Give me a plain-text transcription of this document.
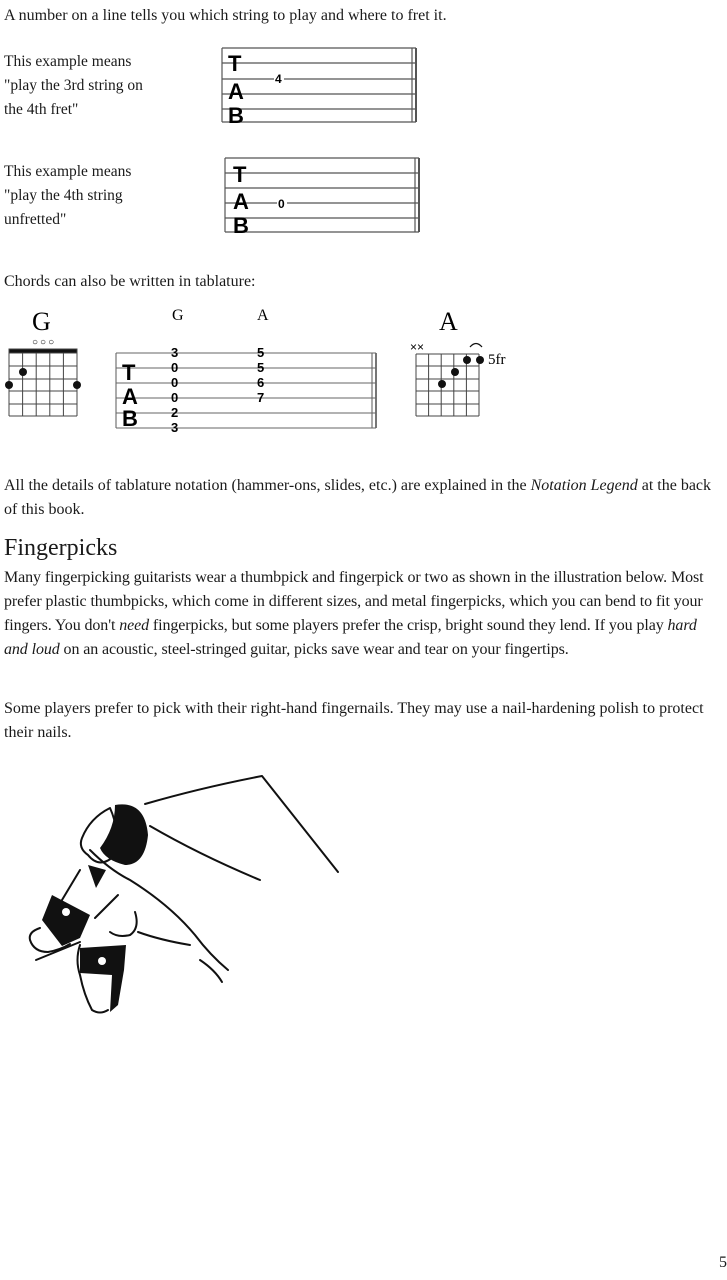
A number on a line tells you which string to play and where to fret it.

This example means
"play the 3rd string on
the 4th fret"
T
A
B
4
This example means
"play the 4th string
unfretted"
T
A
B
0

Chords can also be written in tablature:

G
○○○
G	A
T
A
B
3
0
0
0
2
3
5
5
6
7
A
××
5fr

All the details of tablature notation (hammer-ons, slides, etc.) are explained in the Notation Legend at the back of this book.

Fingerpicks

Many fingerpicking guitarists wear a thumbpick and fingerpick or two as shown in the illustration below. Most prefer plastic thumbpicks, which come in different sizes, and metal fingerpicks, which you can bend to fit your fingers. You don't need fingerpicks, but some players prefer the crisp, bright sound they lend. If you play hard and loud on an acoustic, steel-stringed guitar, picks save wear and tear on your fingertips.

Some players prefer to pick with their right-hand fingernails. They may use a nail-hardening polish to protect their nails.

5
